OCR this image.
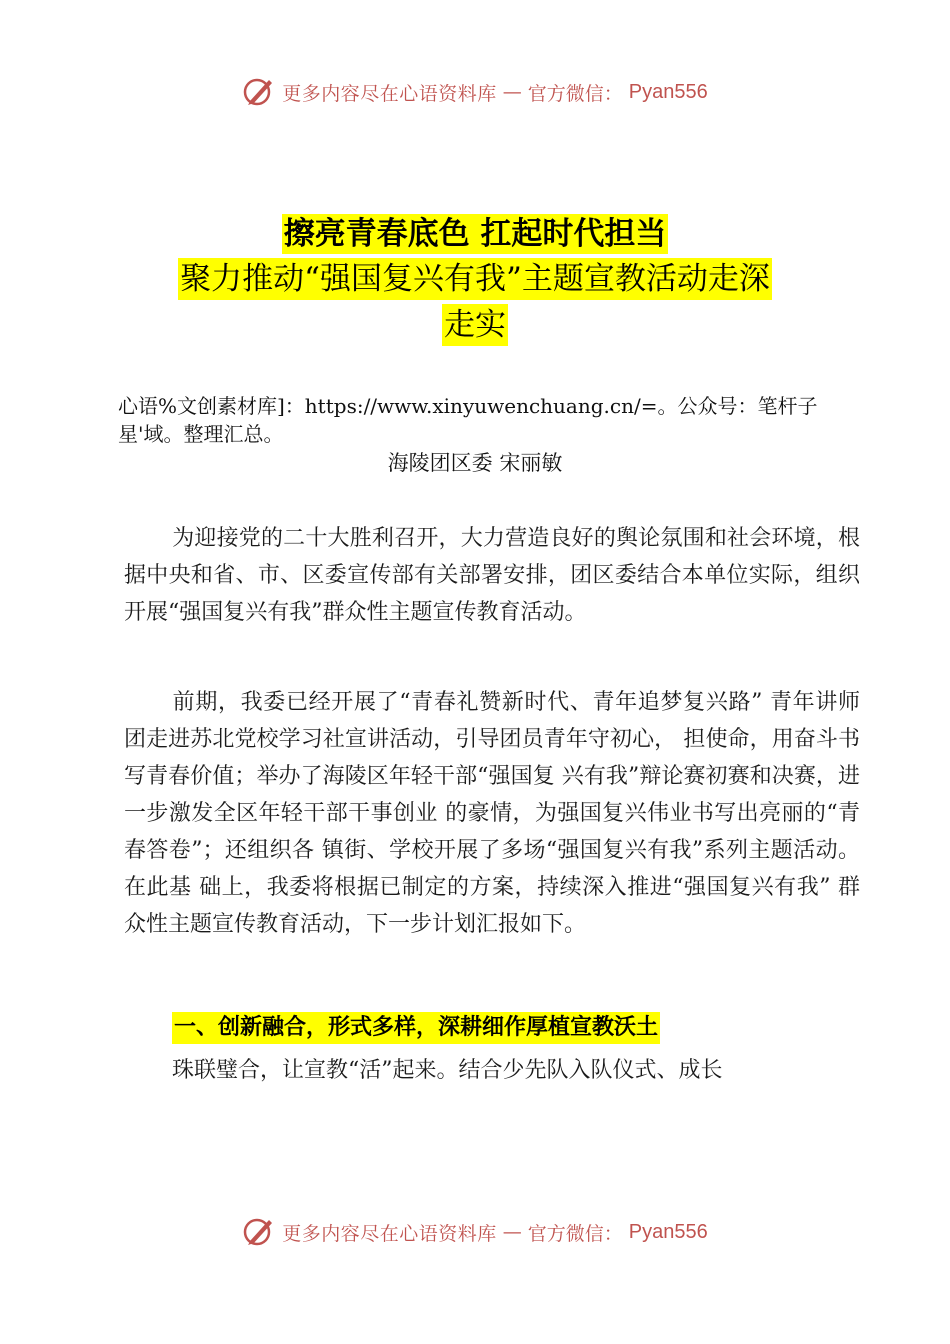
更多内容尽在心语资料库 — 官方微信： Pyan556
擦亮青春底色 扛起时代担当
聚力推动“强国复兴有我”主题宣教活动走深
走实
心语%文创素材库]：https://www.xinyuwenchuang.cn/=。公众号：笔杆子星'域。整理汇总。
海陵团区委 宋丽敏

为迎接党的二十大胜利召开，大力营造良好的舆论氛围和社会环境，根据中央和省、市、区委宣传部有关部署安排，团区委结合本单位实际，组织开展“强国复兴有我”群众性主题宣传教育活动。

前期，我委已经开展了“青春礼赞新时代、青年追梦复兴路” 青年讲师团走进苏北党校学习社宣讲活动，引导团员青年守初心， 担使命，用奋斗书写青春价值；举办了海陵区年轻干部“强国复 兴有我”辩论赛初赛和决赛，进一步激发全区年轻干部干事创业 的豪情，为强国复兴伟业书写出亮丽的“青春答卷”；还组织各 镇街、学校开展了多场“强国复兴有我”系列主题活动。在此基 础上，我委将根据已制定的方案，持续深入推进“强国复兴有我” 群众性主题宣传教育活动，下一步计划汇报如下。

一、创新融合，形式多样，深耕细作厚植宣教沃土

珠联璧合，让宣教“活”起来。结合少先队入队仪式、成长

更多内容尽在心语资料库 — 官方微信： Pyan556
